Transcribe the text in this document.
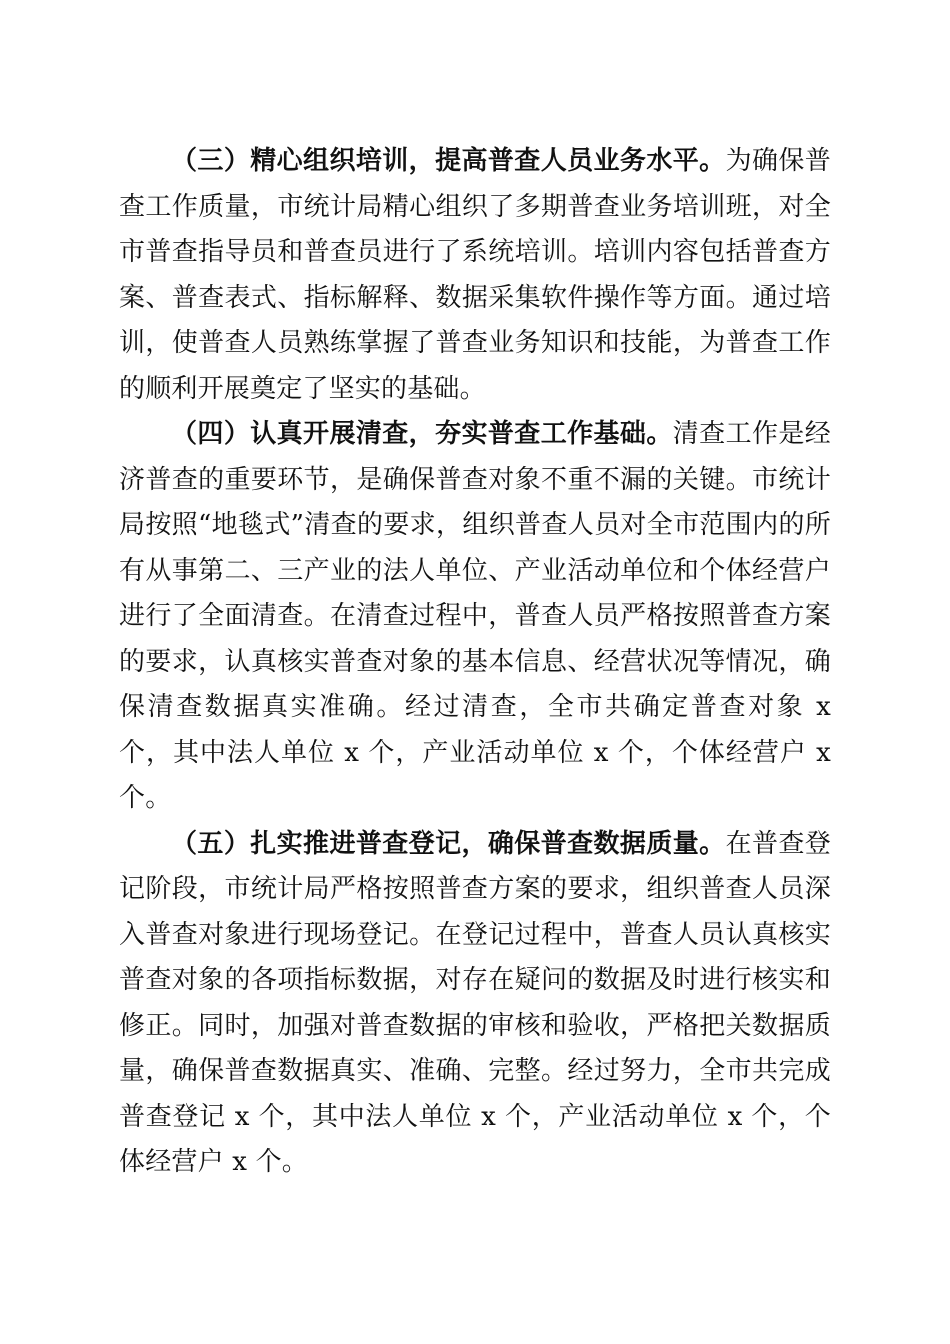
（三）精心组织培训，提高普查人员业务水平。为确保普查工作质量，市统计局精心组织了多期普查业务培训班，对全市普查指导员和普查员进行了系统培训。培训内容包括普查方案、普查表式、指标解释、数据采集软件操作等方面。通过培训，使普查人员熟练掌握了普查业务知识和技能，为普查工作的顺利开展奠定了坚实的基础。

（四）认真开展清查，夯实普查工作基础。清查工作是经济普查的重要环节，是确保普查对象不重不漏的关键。市统计局按照“地毯式”清查的要求，组织普查人员对全市范围内的所有从事第二、三产业的法人单位、产业活动单位和个体经营户进行了全面清查。在清查过程中，普查人员严格按照普查方案的要求，认真核实普查对象的基本信息、经营状况等情况，确保清查数据真实准确。经过清查，全市共确定普查对象 x 个，其中法人单位 x 个，产业活动单位 x 个，个体经营户 x 个。

（五）扎实推进普查登记，确保普查数据质量。在普查登记阶段，市统计局严格按照普查方案的要求，组织普查人员深入普查对象进行现场登记。在登记过程中，普查人员认真核实普查对象的各项指标数据，对存在疑问的数据及时进行核实和修正。同时，加强对普查数据的审核和验收，严格把关数据质量，确保普查数据真实、准确、完整。经过努力，全市共完成普查登记 x 个，其中法人单位 x 个，产业活动单位 x 个，个体经营户 x 个。
